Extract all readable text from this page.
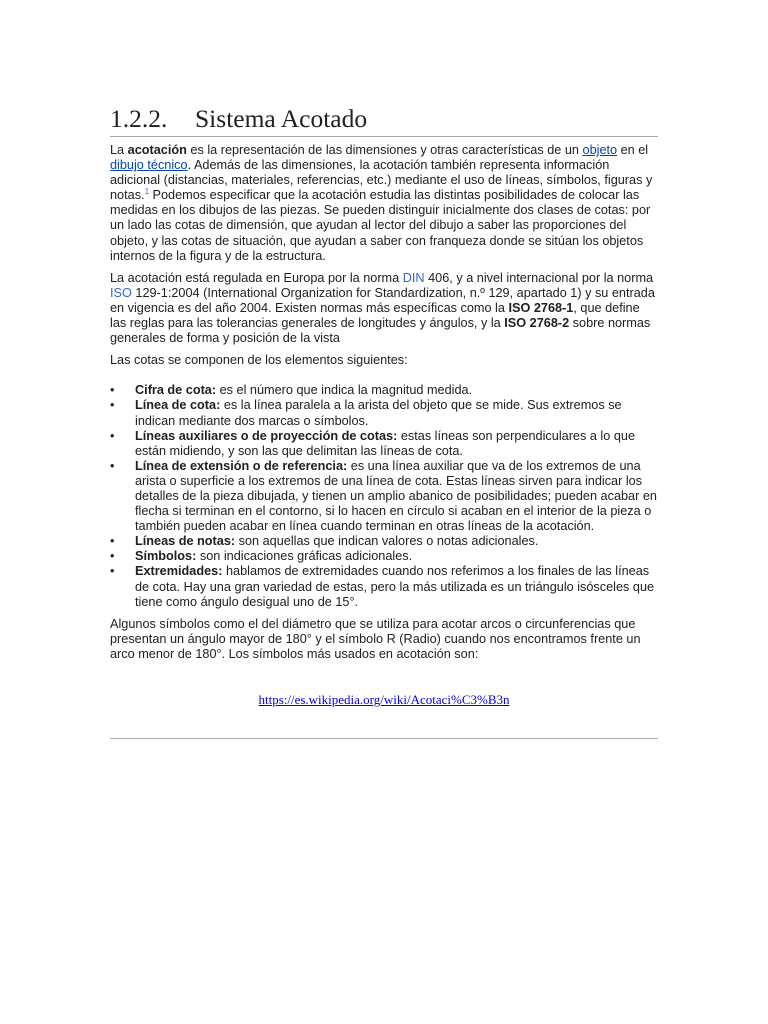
1.2.2. Sistema Acotado

La acotación es la representación de las dimensiones y otras características de un objeto en el dibujo técnico. Además de las dimensiones, la acotación también representa información adicional (distancias, materiales, referencias, etc.) mediante el uso de líneas, símbolos, figuras y notas.$^1$ Podemos especificar que la acotación estudia las distintas posibilidades de colocar las medidas en los dibujos de las piezas. Se pueden distinguir inicialmente dos clases de cotas: por un lado las cotas de dimensión, que ayudan al lector del dibujo a saber las proporciones del objeto, y las cotas de situación, que ayudan a saber con franqueza donde se sitúan los objetos internos de la figura y de la estructura.

La acotación está regulada en Europa por la norma DIN 406, y a nivel internacional por la norma ISO 129-1:2004 (International Organization for Standardization, n.º 129, apartado 1) y su entrada en vigencia es del año 2004. Existen normas más específicas como la ISO 2768-1, que define las reglas para las tolerancias generales de longitudes y ángulos, y la ISO 2768-2 sobre normas generales de forma y posición de la vista

Las cotas se componen de los elementos siguientes:

• Cifra de cota: es el número que indica la magnitud medida.
• Línea de cota: es la línea paralela a la arista del objeto que se mide. Sus extremos se indican mediante dos marcas o símbolos.
• Líneas auxiliares o de proyección de cotas: estas líneas son perpendiculares a lo que están midiendo, y son las que delimitan las líneas de cota.
• Línea de extensión o de referencia: es una línea auxiliar que va de los extremos de una arista o superficie a los extremos de una línea de cota. Estas líneas sirven para indicar los detalles de la pieza dibujada, y tienen un amplio abanico de posibilidades; pueden acabar en flecha si terminan en el contorno, si lo hacen en círculo si acaban en el interior de la pieza o también pueden acabar en línea cuando terminan en otras líneas de la acotación.
• Líneas de notas: son aquellas que indican valores o notas adicionales.
• Símbolos: son indicaciones gráficas adicionales.
• Extremidades: hablamos de extremidades cuando nos referimos a los finales de las líneas de cota. Hay una gran variedad de estas, pero la más utilizada es un triángulo isósceles que tiene como ángulo desigual uno de 15°.

Algunos símbolos como el del diámetro que se utiliza para acotar arcos o circunferencias que presentan un ángulo mayor de 180° y el símbolo R (Radio) cuando nos encontramos frente un arco menor de 180°. Los símbolos más usados en acotación son:

https://es.wikipedia.org/wiki/Acotaci%C3%B3n
